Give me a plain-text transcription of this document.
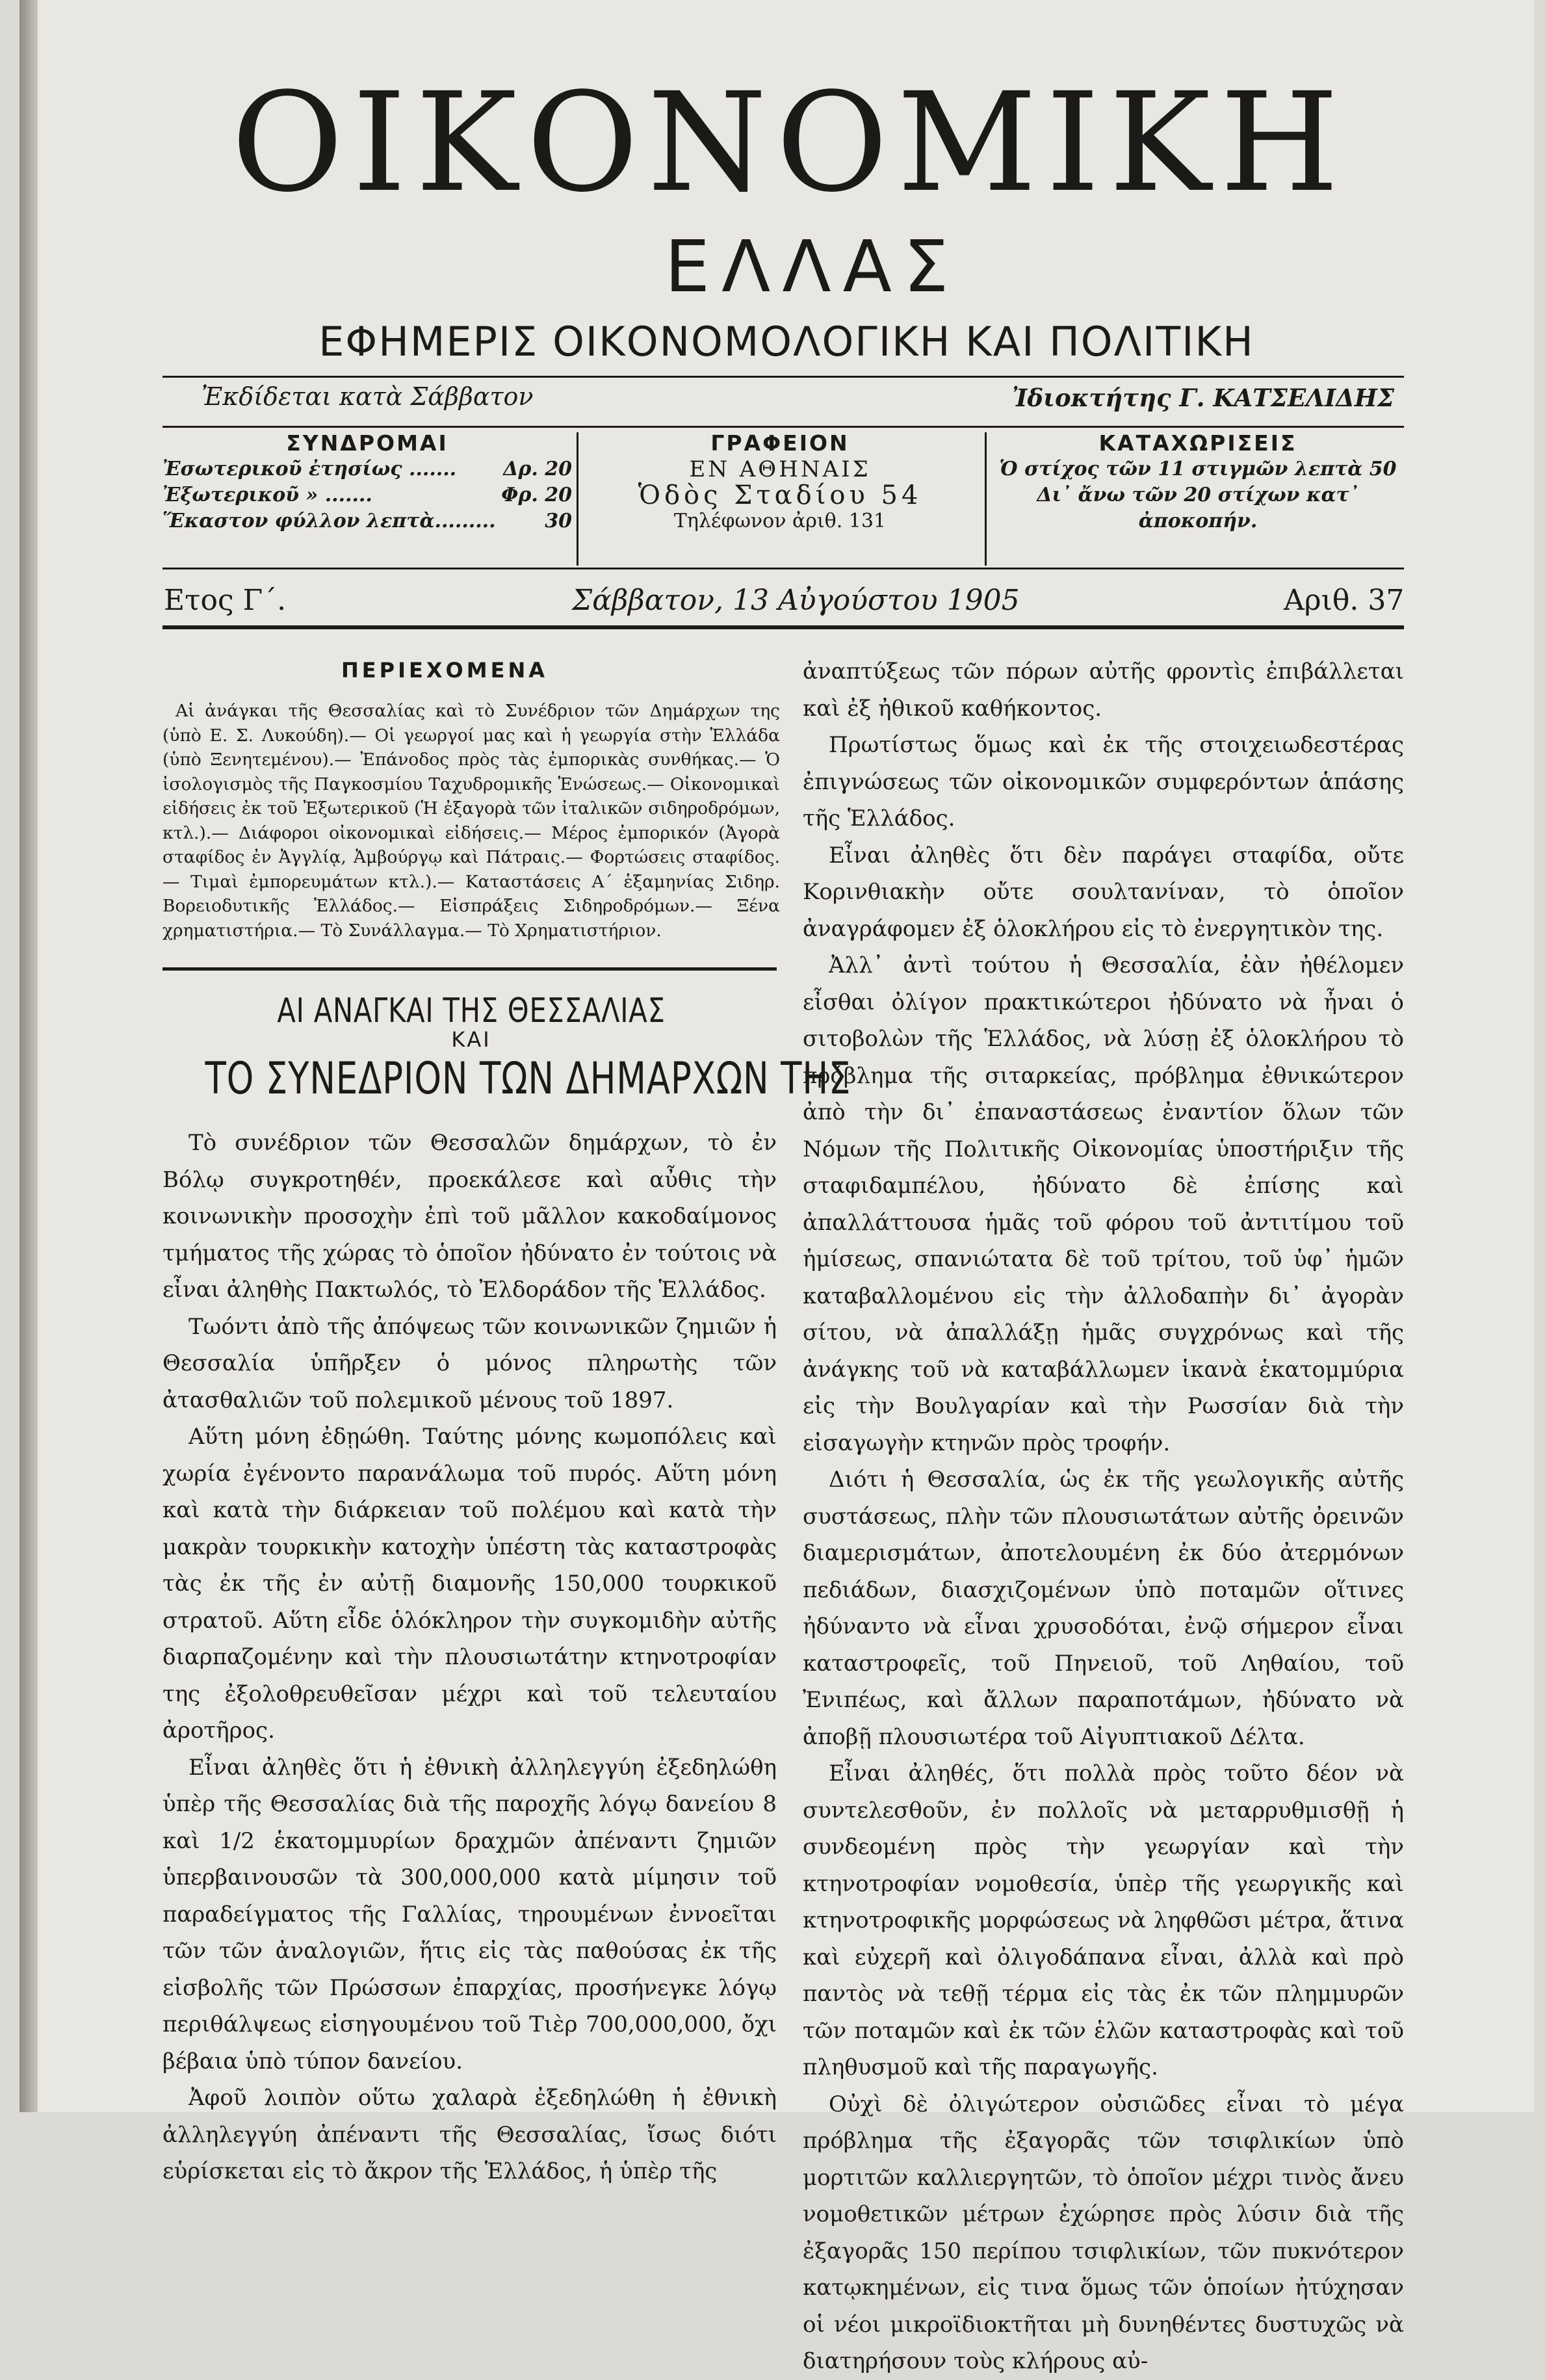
ΟΙΚΟΝΟΜΙΚΗ
ΕΛΛΑΣ
ΕΦΗΜΕΡΙΣ ΟΙΚΟΝΟΜΟΛΟΓΙΚΗ ΚΑΙ ΠΟΛΙΤΙΚΗ
Ἐκδίδεται κατὰ Σάββατον	Ἰδιοκτήτης Γ. ΚΑΤΣΕΛΙΔΗΣ
ΣΥΝΔΡΟΜΑΙ
Ἐσωτερικοῦ ἐτησίως ....... Δρ. 20
Ἐξωτερικοῦ » .......	Φρ. 20
Ἕκαστον φύλλον λεπτὰ.........	30
ΓΡΑΦΕΙΟΝ
ΕΝ ΑΘΗΝΑΙΣ
Ὁδὸς Σταδίου 54
Τηλέφωνον ἀριθ. 131
ΚΑΤΑΧΩΡΙΣΕΙΣ
Ὁ στίχος τῶν 11 στιγμῶν λεπτὰ 50 Δι᾽ ἄνω τῶν 20 στίχων κατ᾽ ἀποκοπήν.
Ετος Γ΄.	Σάββατον, 13 Αὐγούστου 1905	Αριθ. 37
ΠΕΡΙΕΧΟΜΕΝΑ

Αἱ ἀνάγκαι τῆς Θεσσαλίας καὶ τὸ Συνέδριον τῶν Δημάρχων της (ὑπὸ Ε. Σ. Λυκούδη).— Οἱ γεωργοί μας καὶ ἡ γεωργία στὴν Ἑλλάδα (ὑπὸ Ξενητεμένου).— Ἐπάνοδος πρὸς τὰς ἐμπορικὰς συνθήκας.— Ὁ ἰσολογισμὸς τῆς Παγκοσμίου Ταχυδρομικῆς Ἑνώσεως.— Οἰκονομικαὶ εἰδήσεις ἐκ τοῦ Ἐξωτερικοῦ (Ἡ ἐξαγορὰ τῶν ἰταλικῶν σιδηροδρόμων, κτλ.).— Διάφοροι οἰκονομικαὶ εἰδήσεις.— Μέρος ἐμπορικόν (Ἀγορὰ σταφίδος ἐν Ἀγγλίᾳ, Ἀμβούργῳ καὶ Πάτραις.— Φορτώσεις σταφίδος.— Τιμαὶ ἐμπορευμάτων κτλ.).— Καταστάσεις Α΄ ἑξαμηνίας Σιδηρ. Βορειοδυτικῆς Ἑλλάδος.— Εἰσπράξεις Σιδηροδρόμων.— Ξένα χρηματιστήρια.— Τὸ Συνάλλαγμα.— Τὸ Χρηματιστήριον.

ΑΙ ΑΝΑΓΚΑΙ ΤΗΣ ΘΕΣΣΑΛΙΑΣ
ΚΑΙ
ΤΟ ΣΥΝΕΔΡΙΟΝ ΤΩΝ ΔΗΜΑΡΧΩΝ ΤΗΣ

Τὸ συνέδριον τῶν Θεσσαλῶν δημάρχων, τὸ ἐν Βόλῳ συγκροτηθέν, προεκάλεσε καὶ αὖθις τὴν κοινωνικὴν προσοχὴν ἐπὶ τοῦ μᾶλλον κακοδαίμονος τμήματος τῆς χώρας τὸ ὁποῖον ἠδύνατο ἐν τούτοις νὰ εἶναι ἀληθὴς Πακτωλός, τὸ Ἐλδοράδον τῆς Ἑλλάδος.

Τωόντι ἀπὸ τῆς ἀπόψεως τῶν κοινωνικῶν ζημιῶν ἡ Θεσσαλία ὑπῆρξεν ὁ μόνος πληρωτὴς τῶν ἀτασθαλιῶν τοῦ πολεμικοῦ μένους τοῦ 1897.

Αὕτη μόνη ἐδῃώθη. Ταύτης μόνης κωμοπόλεις καὶ χωρία ἐγένοντο παρανάλωμα τοῦ πυρός. Αὕτη μόνη καὶ κατὰ τὴν διάρκειαν τοῦ πολέμου καὶ κατὰ τὴν μακρὰν τουρκικὴν κατοχὴν ὑπέστη τὰς καταστροφὰς τὰς ἐκ τῆς ἐν αὐτῇ διαμονῆς 150,000 τουρκικοῦ στρατοῦ. Αὕτη εἶδε ὁλόκληρον τὴν συγκομιδὴν αὐτῆς διαρπαζομένην καὶ τὴν πλουσιωτάτην κτηνοτροφίαν της ἐξολοθρευθεῖσαν μέχρι καὶ τοῦ τελευταίου ἀροτῆρος.

Εἶναι ἀληθὲς ὅτι ἡ ἐθνικὴ ἀλληλεγγύη ἐξεδηλώθη ὑπὲρ τῆς Θεσσαλίας διὰ τῆς παροχῆς λόγῳ δανείου 8 καὶ 1/2 ἑκατομμυρίων δραχμῶν ἀπέναντι ζημιῶν ὑπερβαινουσῶν τὰ 300,000,000 κατὰ μίμησιν τοῦ παραδείγματος τῆς Γαλλίας, τηρουμένων ἐννοεῖται τῶν τῶν ἀναλογιῶν, ἥτις εἰς τὰς παθούσας ἐκ τῆς εἰσβολῆς τῶν Πρώσσων ἐπαρχίας, προσήνεγκε λόγῳ περιθάλψεως εἰσηγουμένου τοῦ Τιὲρ 700,000,000, ὄχι βέβαια ὑπὸ τύπον δανείου.

Ἀφοῦ λοιπὸν οὕτω χαλαρὰ ἐξεδηλώθη ἡ ἐθνικὴ ἀλληλεγγύη ἀπέναντι τῆς Θεσσαλίας, ἴσως διότι εὑρίσκεται εἰς τὸ ἄκρον τῆς Ἑλλάδος, ἡ ὑπὲρ τῆς

ἀναπτύξεως τῶν πόρων αὐτῆς φροντὶς ἐπιβάλλεται καὶ ἐξ ἠθικοῦ καθήκοντος.

Πρωτίστως ὅμως καὶ ἐκ τῆς στοιχειωδεστέρας ἐπιγνώσεως τῶν οἰκονομικῶν συμφερόντων ἁπάσης τῆς Ἑλλάδος.

Εἶναι ἀληθὲς ὅτι δὲν παράγει σταφίδα, οὔτε Κορινθιακὴν οὔτε σουλτανίναν, τὸ ὁποῖον ἀναγράφομεν ἐξ ὁλοκλήρου εἰς τὸ ἐνεργητικὸν της.

Ἀλλ᾽ ἀντὶ τούτου ἡ Θεσσαλία, ἐὰν ἠθέλομεν εἶσθαι ὀλίγον πρακτικώτεροι ἠδύνατο νὰ ἦναι ὁ σιτοβολὼν τῆς Ἑλλάδος, νὰ λύσῃ ἐξ ὁλοκλήρου τὸ πρόβλημα τῆς σιταρκείας, πρόβλημα ἐθνικώτερον ἀπὸ τὴν δι᾽ ἐπαναστάσεως ἐναντίον ὅλων τῶν Νόμων τῆς Πολιτικῆς Οἰκονομίας ὑποστήριξιν τῆς σταφιδαμπέλου, ἠδύνατο δὲ ἐπίσης καὶ ἀπαλλάττουσα ἡμᾶς τοῦ φόρου τοῦ ἀντιτίμου τοῦ ἡμίσεως, σπανιώτατα δὲ τοῦ τρίτου, τοῦ ὑφ᾽ ἡμῶν καταβαλλομένου εἰς τὴν ἀλλοδαπὴν δι᾽ ἀγορὰν σίτου, νὰ ἀπαλλάξῃ ἡμᾶς συγχρόνως καὶ τῆς ἀνάγκης τοῦ νὰ καταβάλλωμεν ἱκανὰ ἑκατομμύρια εἰς τὴν Βουλγαρίαν καὶ τὴν Ρωσσίαν διὰ τὴν εἰσαγωγὴν κτηνῶν πρὸς τροφήν.

Διότι ἡ Θεσσαλία, ὡς ἐκ τῆς γεωλογικῆς αὐτῆς συστάσεως, πλὴν τῶν πλουσιωτάτων αὐτῆς ὀρεινῶν διαμερισμάτων, ἀποτελουμένη ἐκ δύο ἀτερμόνων πεδιάδων, διασχιζομένων ὑπὸ ποταμῶν οἵτινες ἠδύναντο νὰ εἶναι χρυσοδόται, ἐνῷ σήμερον εἶναι καταστροφεῖς, τοῦ Πηνειοῦ, τοῦ Ληθαίου, τοῦ Ἐνιπέως, καὶ ἄλλων παραποτάμων, ἠδύνατο νὰ ἀποβῇ πλουσιωτέρα τοῦ Αἰγυπτιακοῦ Δέλτα.

Εἶναι ἀληθές, ὅτι πολλὰ πρὸς τοῦτο δέον νὰ συντελεσθοῦν, ἐν πολλοῖς νὰ μεταρρυθμισθῇ ἡ συνδεομένη πρὸς τὴν γεωργίαν καὶ τὴν κτηνοτροφίαν νομοθεσία, ὑπὲρ τῆς γεωργικῆς καὶ κτηνοτροφικῆς μορφώσεως νὰ ληφθῶσι μέτρα, ἅτινα καὶ εὐχερῆ καὶ ὀλιγοδάπανα εἶναι, ἀλλὰ καὶ πρὸ παντὸς νὰ τεθῇ τέρμα εἰς τὰς ἐκ τῶν πλημμυρῶν τῶν ποταμῶν καὶ ἐκ τῶν ἑλῶν καταστροφὰς καὶ τοῦ πληθυσμοῦ καὶ τῆς παραγωγῆς.

Οὐχὶ δὲ ὀλιγώτερον οὐσιῶδες εἶναι τὸ μέγα πρόβλημα τῆς ἐξαγορᾶς τῶν τσιφλικίων ὑπὸ μορτιτῶν καλλιεργητῶν, τὸ ὁποῖον μέχρι τινὸς ἄνευ νομοθετικῶν μέτρων ἐχώρησε πρὸς λύσιν διὰ τῆς ἐξαγορᾶς 150 περίπου τσιφλικίων, τῶν πυκνότερον κατῳκημένων, εἰς τινα ὅμως τῶν ὁποίων ἠτύχησαν οἱ νέοι μικροϊδιοκτῆται μὴ δυνηθέντες δυστυχῶς νὰ διατηρήσουν τοὺς κλήρους αὐ-
